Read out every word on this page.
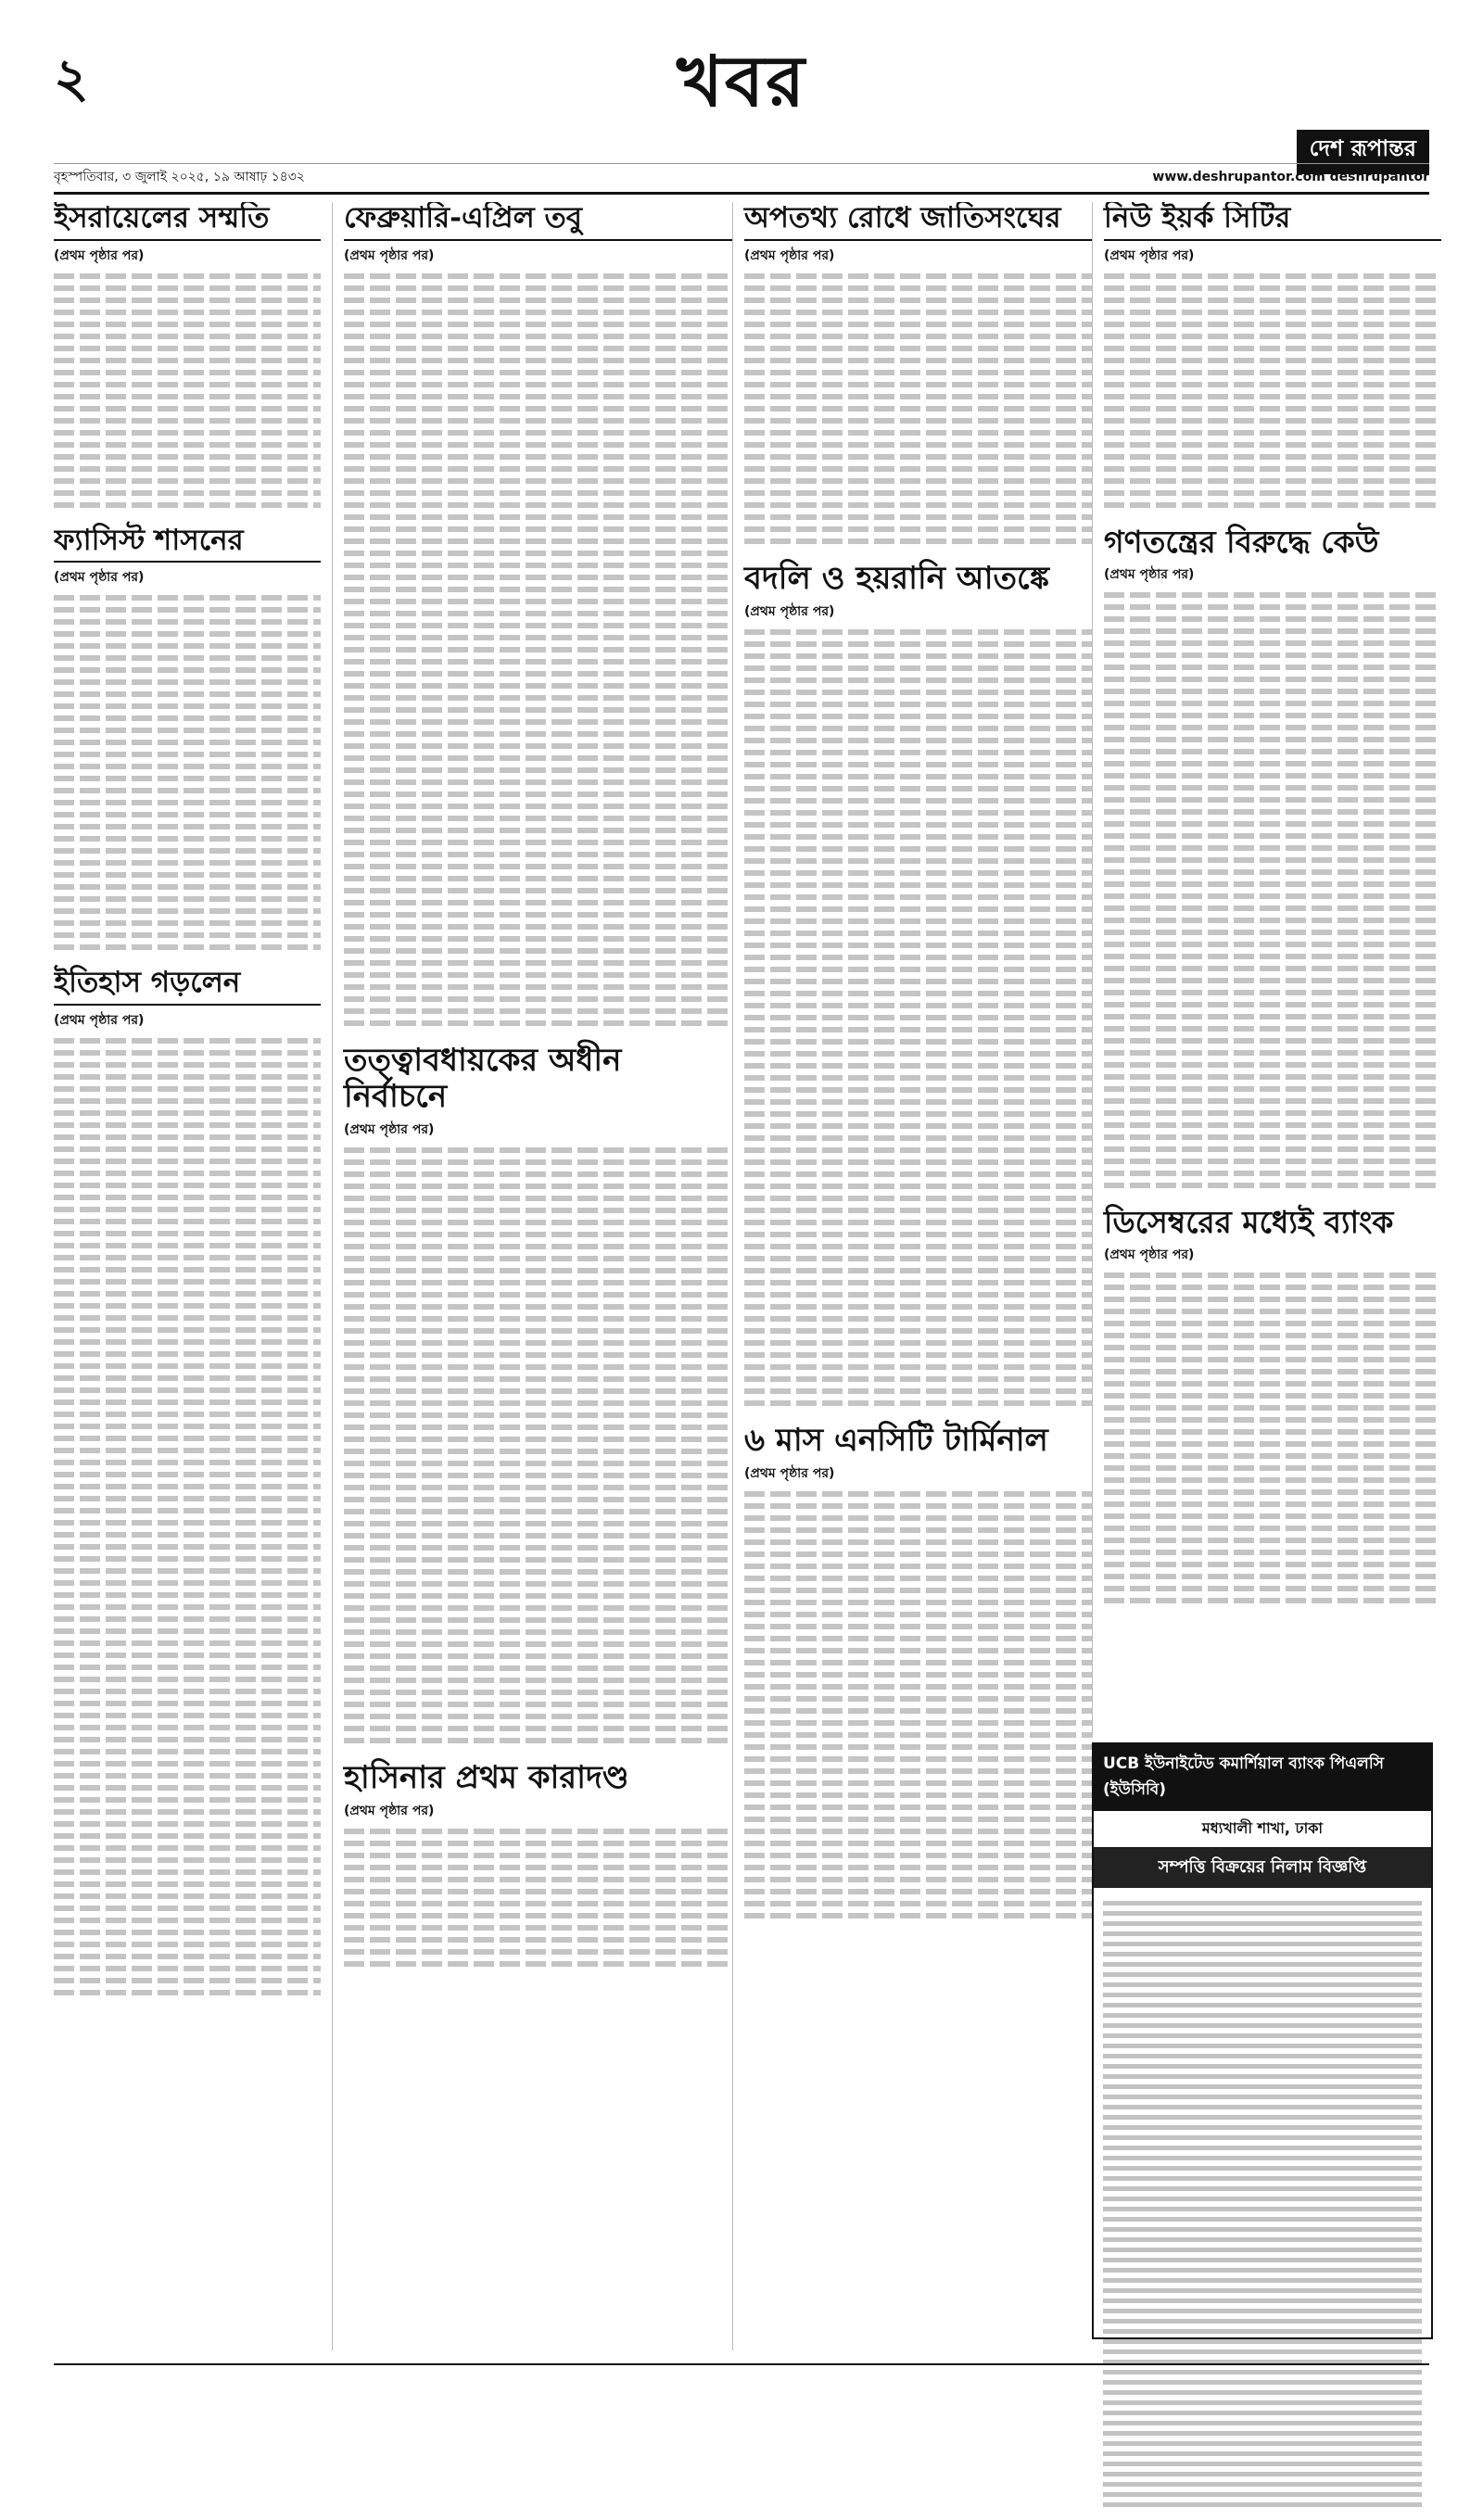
২	খবর
দেশ রূপান্তর
বৃহস্পতিবার, ৩ জুলাই ২০২৫, ১৯ আষাঢ় ১৪৩২	www.deshrupantor.com deshrupantor
ইসরায়েলের সম্মতি
(প্রথম পৃষ্ঠার পর)
ফ্যাসিস্ট শাসনের
(প্রথম পৃষ্ঠার পর)
ইতিহাস গড়লেন
(প্রথম পৃষ্ঠার পর)
ফেব্রুয়ারি-এপ্রিল তবু
(প্রথম পৃষ্ঠার পর)
তত্ত্বাবধায়কের অধীন নির্বাচনে
(প্রথম পৃষ্ঠার পর)
হাসিনার প্রথম কারাদণ্ড
(প্রথম পৃষ্ঠার পর)
অপতথ্য রোধে জাতিসংঘের
(প্রথম পৃষ্ঠার পর)
বদলি ও হয়রানি আতঙ্কে
(প্রথম পৃষ্ঠার পর)
৬ মাস এনসিটি টার্মিনাল
(প্রথম পৃষ্ঠার পর)
নিউ ইয়র্ক সিটির
(প্রথম পৃষ্ঠার পর)
গণতন্ত্রের বিরুদ্ধে কেউ
(প্রথম পৃষ্ঠার পর)
ডিসেম্বরের মধ্যেই ব্যাংক
(প্রথম পৃষ্ঠার পর)
UCB ইউনাইটেড কমার্শিয়াল ব্যাংক পিএলসি (ইউসিবি)
মধ্যখালী শাখা, ঢাকা
সম্পত্তি বিক্রয়ের নিলাম বিজ্ঞপ্তি
